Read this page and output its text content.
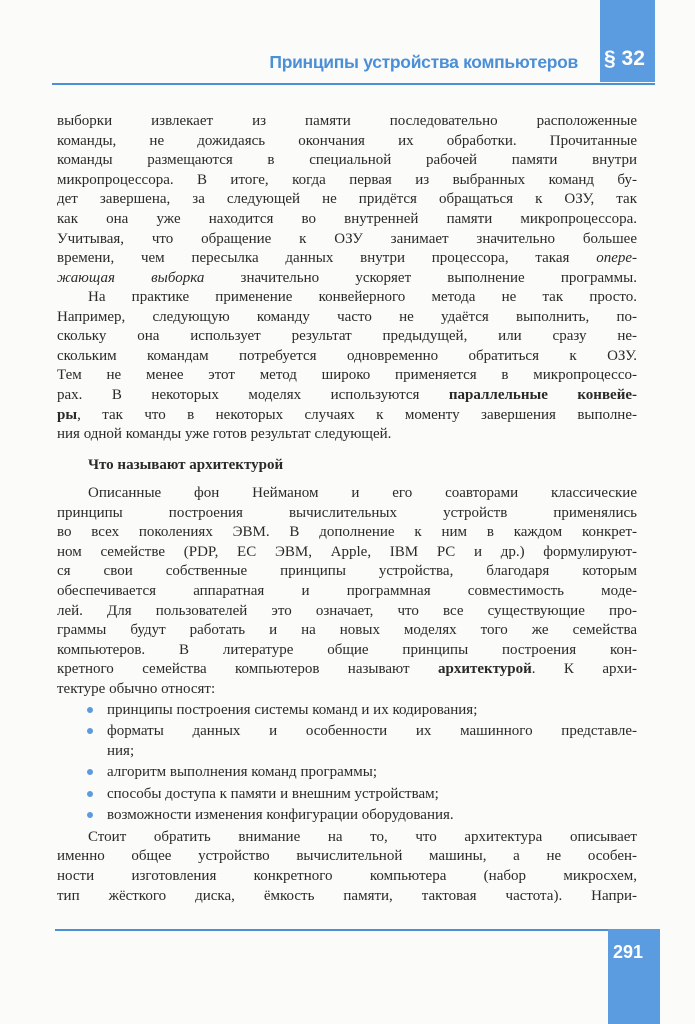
§ 32
Принципы устройства компьютеров
выборки извлекает из памяти последовательно расположенные
команды, не дожидаясь окончания их обработки. Прочитанные
команды размещаются в специальной рабочей памяти внутри
микропроцессора. В итоге, когда первая из выбранных команд бу-
дет завершена, за следующей не придётся обращаться к ОЗУ, так
как она уже находится во внутренней памяти микропроцессора.
Учитывая, что обращение к ОЗУ занимает значительно большее
времени, чем пересылка данных внутри процессора, такая опере-
жающая выборка значительно ускоряет выполнение программы.
На практике применение конвейерного метода не так просто.
Например, следующую команду часто не удаётся выполнить, по-
скольку она использует результат предыдущей, или сразу не-
скольким командам потребуется одновременно обратиться к ОЗУ.
Тем не менее этот метод широко применяется в микропроцессо-
рах. В некоторых моделях используются параллельные конвейе-
ры, так что в некоторых случаях к моменту завершения выполне-
ния одной команды уже готов результат следующей.
Что называют архитектурой
Описанные фон Нейманом и его соавторами классические
принципы построения вычислительных устройств применялись
во всех поколениях ЭВМ. В дополнение к ним в каждом конкрет-
ном семействе (PDP, ЕС ЭВМ, Apple, IBM PC и др.) формулируют-
ся свои собственные принципы устройства, благодаря которым
обеспечивается аппаратная и программная совместимость моде-
лей. Для пользователей это означает, что все существующие про-
граммы будут работать и на новых моделях того же семейства
компьютеров. В литературе общие принципы построения кон-
кретного семейства компьютеров называют архитектурой. К архи-
тектуре обычно относят:
принципы построения системы команд и их кодирования;
форматы данных и особенности их машинного представле-
ния;
алгоритм выполнения команд программы;
способы доступа к памяти и внешним устройствам;
возможности изменения конфигурации оборудования.
Стоит обратить внимание на то, что архитектура описывает
именно общее устройство вычислительной машины, а не особен-
ности изготовления конкретного компьютера (набор микросхем,
тип жёсткого диска, ёмкость памяти, тактовая частота). Напри-
291
